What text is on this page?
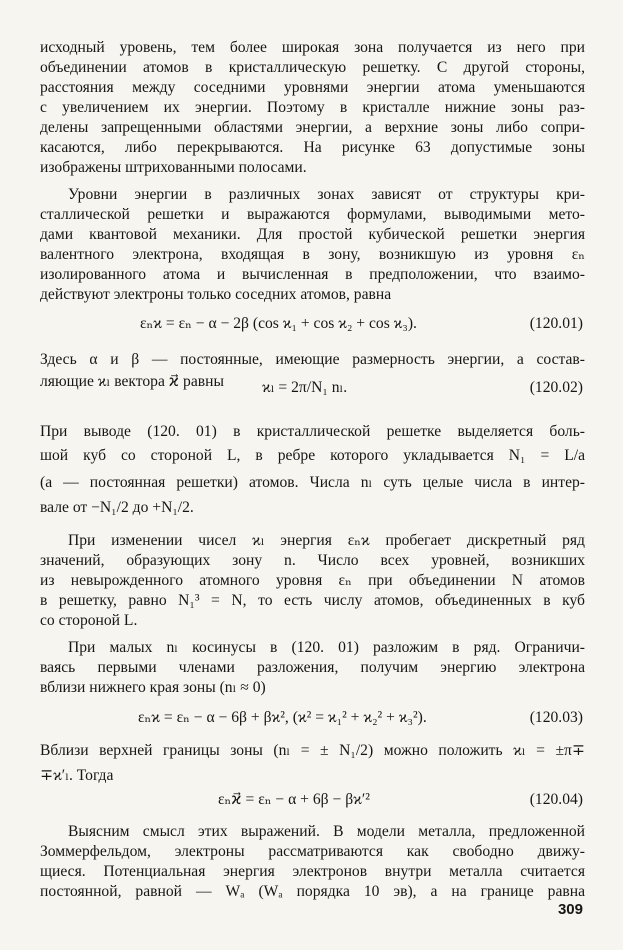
исходный уровень, тем более широкая зона получается из него при
объединении атомов в кристаллическую решетку. С другой стороны,
расстояния между соседними уровнями энергии атома уменьшаются
с увеличением их энергии. Поэтому в кристалле нижние зоны раз-
делены запрещенными областями энергии, а верхние зоны либо сопри-
касаются, либо перекрываются. На рисунке 63 допустимые зоны
изображены штрихованными полосами.
Уровни энергии в различных зонах зависят от структуры кри-
сталлической решетки и выражаются формулами, выводимыми мето-
дами квантовой механики. Для простой кубической решетки энергия
валентного электрона, входящая в зону, возникшую из уровня εₙ
изолированного атома и вычисленная в предположении, что взаимо-
действуют электроны только соседних атомов, равна
εₙϰ = εₙ − α − 2β (cos ϰ₁ + cos ϰ₂ + cos ϰ₃).	(120.01)
Здесь α и β — постоянные, имеющие размерность энергии, а состав-
ляющие ϰₗ вектора ϰ⃗ равны	ϰₗ = 2π/N₁ nₗ.	(120.02)
При выводе (120. 01) в кристаллической решетке выделяется боль-
шой куб со стороной L, в ребре которого укладывается N₁ = L/a
(a — постоянная решетки) атомов. Числа nₗ суть целые числа в интер-
вале от −N₁/2 до +N₁/2.
При изменении чисел ϰₗ энергия εₙϰ пробегает дискретный ряд
значений, образующих зону n. Число всех уровней, возникших
из невырожденного атомного уровня εₙ при объединении N атомов
в решетку, равно N₁³ = N, то есть числу атомов, объединенных в куб
со стороной L.
При малых nₗ косинусы в (120. 01) разложим в ряд. Ограничи-
ваясь первыми членами разложения, получим энергию электрона
вблизи нижнего края зоны (nₗ ≈ 0)
εₙϰ = εₙ − α − 6β + βϰ², (ϰ² = ϰ₁² + ϰ₂² + ϰ₃²).	(120.03)
Вблизи верхней границы зоны (nₗ = ± N₁/2) можно положить ϰₗ = ±π∓
∓ϰ′ₗ. Тогда
εₙϰ⃗ = εₙ − α + 6β − βϰ′²	(120.04)
Выясним смысл этих выражений. В модели металла, предложенной
Зоммерфельдом, электроны рассматриваются как свободно движу-
щиеся. Потенциальная энергия электронов внутри металла считается
постоянной, равной — Wₐ (Wₐ порядка 10 эв), а на границе равна
309
